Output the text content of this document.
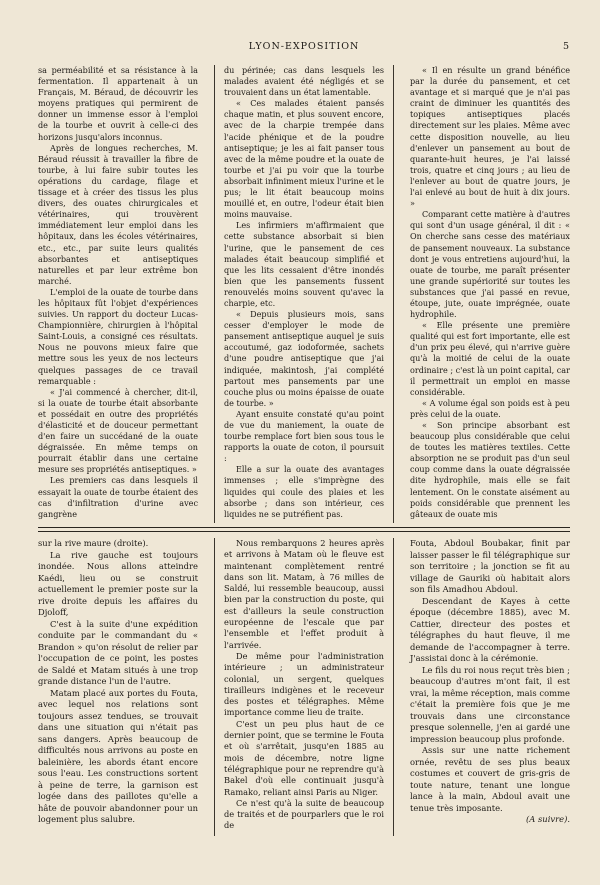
LYON-EXPOSITION	5

sa perméabilité et sa résistance à la fermentation. Il appartenait à un Français, M. Béraud, de découvrir les moyens pratiques qui permirent de donner un immense essor à l'emploi de la tourbe et ouvrit à celle-ci des horizons jusqu'alors inconnus.

Après de longues recherches, M. Béraud réussit à travailler la fibre de tourbe, à lui faire subir toutes les opérations du cardage, filage et tissage et à créer des tissus les plus divers, des ouates chirurgicales et vétérinaires, qui trouvèrent immédiatement leur emploi dans les hôpitaux, dans les écoles vétérinaires, etc., etc., par suite leurs qualités absorbantes et antiseptiques naturelles et par leur extrême bon marché.

L'emploi de la ouate de tourbe dans les hôpitaux fût l'objet d'expériences suivies. Un rapport du docteur Lucas-Championnière, chirurgien à l'hôpital Saint-Louis, a consigné ces résultats. Nous ne pouvons mieux faire que mettre sous les yeux de nos lecteurs quelques passages de ce travail remarquable :

« J'ai commencé à chercher, dit-il, si la ouate de tourbe était absorbante et possédait en outre des propriétés d'élasticité et de douceur permettant d'en faire un succédané de la ouate dégraissée. En même temps on pourrait établir dans une certaine mesure ses propriétés antiseptiques. »

Les premiers cas dans lesquels il essayait la ouate de tourbe étaient des cas d'infiltration d'urine avec gangrène

du périnée; cas dans lesquels les malades avaient été négligés et se trouvaient dans un état lamentable.

« Ces malades étaient pansés chaque matin, et plus souvent encore, avec de la charpie trempée dans l'acide phénique et de la poudre antiseptique; je les ai fait panser tous avec de la même poudre et la ouate de tourbe et j'ai pu voir que la tourbe absorbait infiniment mieux l'urine et le pus; le lit était beaucoup moins mouillé et, en outre, l'odeur était bien moins mauvaise.

Les infirmiers m'affirmaient que cette substance absorbait si bien l'urine, que le pansement de ces malades était beaucoup simplifié et que les lits cessaient d'être inondés bien que les pansements fussent renouvelés moins souvent qu'avec la charpie, etc.

« Depuis plusieurs mois, sans cesser d'employer le mode de pansement antiseptique auquel je suis accoutumé, gaz iodoformée, sachets d'une poudre antiseptique que j'ai indiquée, makintosh, j'ai complété partout mes pansements par une couche plus ou moins épaisse de ouate de tourbe. »

Ayant ensuite constaté qu'au point de vue du maniement, la ouate de tourbe remplace fort bien sous tous le rapports la ouate de coton, il poursuit :

Elle a sur la ouate des avantages immenses ; elle s'imprègne des liquides qui coule des plaies et les absorbe ; dans son intérieur, ces liquides ne se putréfient pas.

« Il en résulte un grand bénéfice par la durée du pansement, et cet avantage et si marqué que je n'ai pas craint de diminuer les quantités des topiques antiseptiques placés directement sur les plaies. Même avec cette disposition nouvelle, au lieu d'enlever un pansement au bout de quarante-huit heures, je l'ai laissé trois, quatre et cinq jours ; au lieu de l'enlever au bout de quatre jours, je l'ai enlevé au bout de huit à dix jours. »

Comparant cette matière à d'autres qui sont d'un usage général, il dit : « On cherche sans cesse des matériaux de pansement nouveaux. La substance dont je vous entretiens aujourd'hui, la ouate de tourbe, me paraît présenter une grande supériorité sur toutes les substances que j'ai passé en revue, étoupe, jute, ouate imprégnée, ouate hydrophile.

« Elle présente une première qualité qui est fort importante, elle est d'un prix peu élevé, qui n'arrive guère qu'à la moitié de celui de la ouate ordinaire ; c'est là un point capital, car il permettrait un emploi en masse considérable.

« A volume égal son poids est à peu près celui de la ouate.

« Son principe absorbant est beaucoup plus considérable que celui de toutes les matières textiles. Cette absorption ne se produit pas d'un seul coup comme dans la ouate dégraissée dite hydrophile, mais elle se fait lentement. On le constate aisément au poids considérable que prennent les gâteaux de ouate mis

sur la rive maure (droite).

La rive gauche est toujours inondée. Nous allons atteindre Kaédi, lieu ou se construit actuellement le premier poste sur la rive droite depuis les affaires du Djoloff,

C'est à la suite d'une expédition conduite par le commandant du « Brandon » qu'on résolut de relier par l'occupation de ce point, les postes de Saldé et Matam situés à une trop grande distance l'un de l'autre.

Matam placé aux portes du Fouta, avec lequel nos relations sont toujours assez tendues, se trouvait dans une situation qui n'était pas sans dangers. Après beaucoup de difficultés nous arrivons au poste en baleinière, les abords étant encore sous l'eau. Les constructions sortent à peine de terre, la garnison est logée dans des paillotes qu'elle a hâte de pouvoir abandonner pour un logement plus salubre.

Nous rembarquons 2 heures après et arrivons à Matam où le fleuve est maintenant complètement rentré dans son lit. Matam, à 76 milles de Saldé, lui ressemble beaucoup, aussi bien par la construction du poste, qui est d'ailleurs la seule construction européenne de l'escale que par l'ensemble et l'effet produit à l'arrivée.

De même pour l'administration intérieure ; un administrateur colonial, un sergent, quelques tirailleurs indigènes et le receveur des postes et télégraphes. Même importance comme lieu de traite.

C'est un peu plus haut de ce dernier point, que se termine le Fouta et où s'arrêtait, jusqu'en 1885 au mois de décembre, notre ligne télégraphique pour ne reprendre qu'à Bakel d'où elle continuait jusqu'à Ramako, reliant ainsi Paris au Niger.

Ce n'est qu'à la suite de beaucoup de traités et de pourparlers que le roi de

Fouta, Abdoul Boubakar, finit par laisser passer le fil télégraphique sur son territoire ; la jonction se fit au village de Gauriki où habitait alors son fils Amadhou Abdoul.

Descendant de Kayes à cette époque (décembre 1885), avec M. Cattier, directeur des postes et télégraphes du haut fleuve, il me demande de l'accompagner à terre. J'assistai donc à la cérémonie.

Le fils du roi nous reçut très bien ; beaucoup d'autres m'ont fait, il est vrai, la même réception, mais comme c'était la première fois que je me trouvais dans une circonstance presque solennelle, j'en ai gardé une impression beaucoup plus profonde.

Assis sur une natte richement ornée, revêtu de ses plus beaux costumes et couvert de gris-gris de toute nature, tenant une longue lance à la main, Abdoul avait une tenue très imposante.

(A suivre).
